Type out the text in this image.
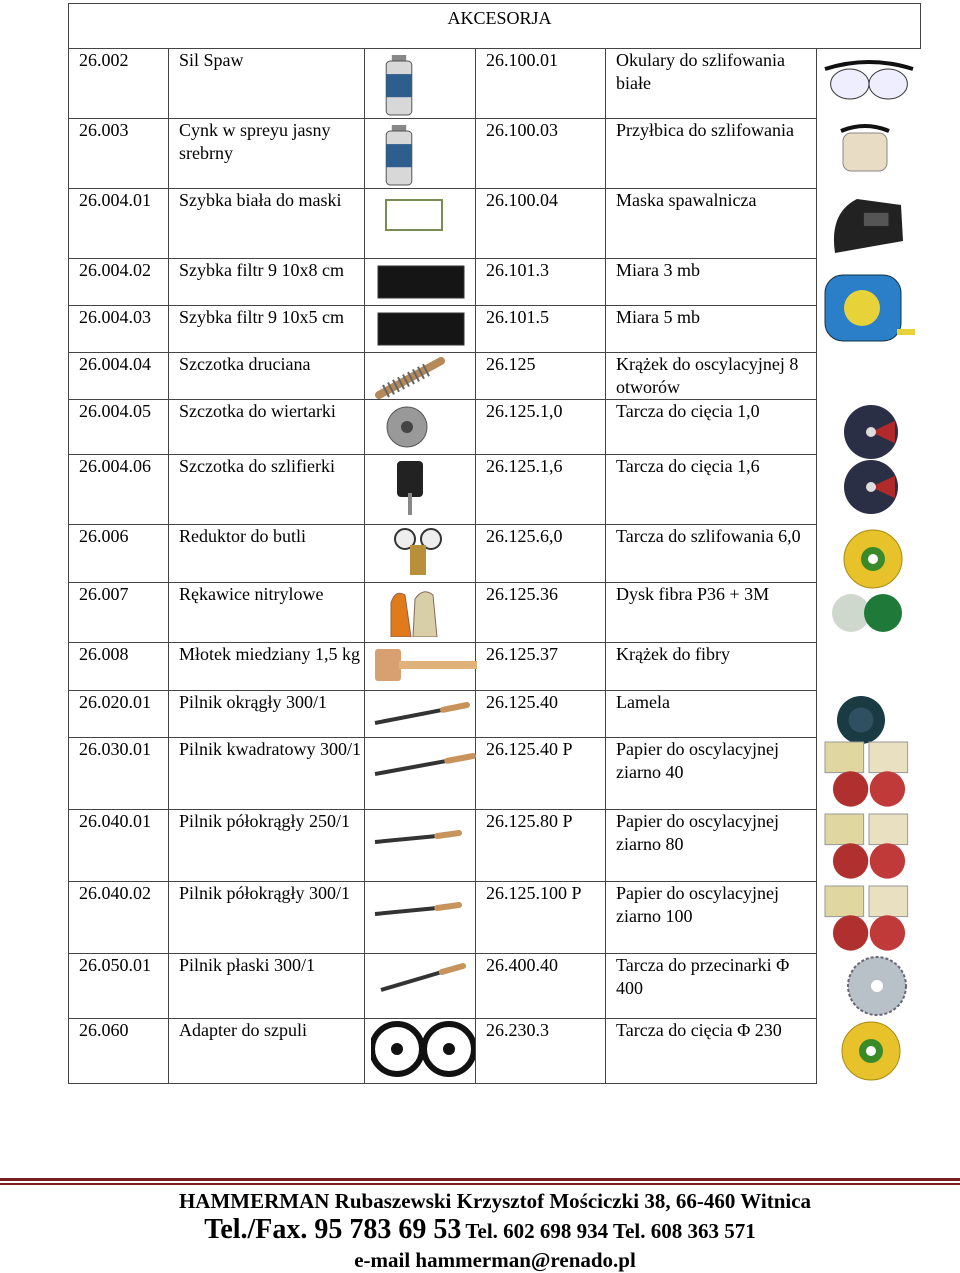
AKCESORJA					

26.002	Sil Spaw		26.100.01	Okulary do szlifowania białe	

26.003	Cynk w spreyu jasny srebrny		26.100.03	Przyłbica do szlifowania	
26.004.01	Szybka biała do maski		26.100.04	Maska spawalnicza	
26.004.02	Szybka filtr 9 10x8 cm		26.101.3	Miara 3 mb	
26.004.03	Szybka filtr 9 10x5 cm		26.101.5	Miara 5 mb	
26.004.04	Szczotka druciana		26.125	Krążek do oscylacyjnej 8 otworów	
26.004.05	Szczotka do wiertarki		26.125.1,0	Tarcza do cięcia 1,0	
26.004.06	Szczotka do szlifierki		26.125.1,6	Tarcza do cięcia 1,6	
26.006	Reduktor do butli		26.125.6,0	Tarcza do szlifowania 6,0	
26.007	Rękawice nitrylowe		26.125.36	Dysk fibra P36 + 3M	
26.008	Młotek miedziany 1,5 kg		26.125.37	Krążek do fibry	
26.020.01	Pilnik okrągły 300/1		26.125.40	Lamela	
26.030.01	Pilnik kwadratowy 300/1		26.125.40 P	Papier do oscylacyjnej ziarno 40	
26.040.01	Pilnik półokrągły 250/1		26.125.80 P	Papier do oscylacyjnej ziarno 80	
26.040.02	Pilnik półokrągły 300/1		26.125.100 P	Papier do oscylacyjnej ziarno 100	
26.050.01	Pilnik płaski 300/1		26.400.40	Tarcza do przecinarki Φ 400	
26.060	Adapter do szpuli		26.230.3	Tarcza do cięcia Φ 230	
HAMMERMAN Rubaszewski Krzysztof Mościczki 38, 66-460 Witnica
Tel./Fax. 95 783 69 53 Tel. 602 698 934 Tel. 608 363 571
e-mail hammerman@renado.pl
